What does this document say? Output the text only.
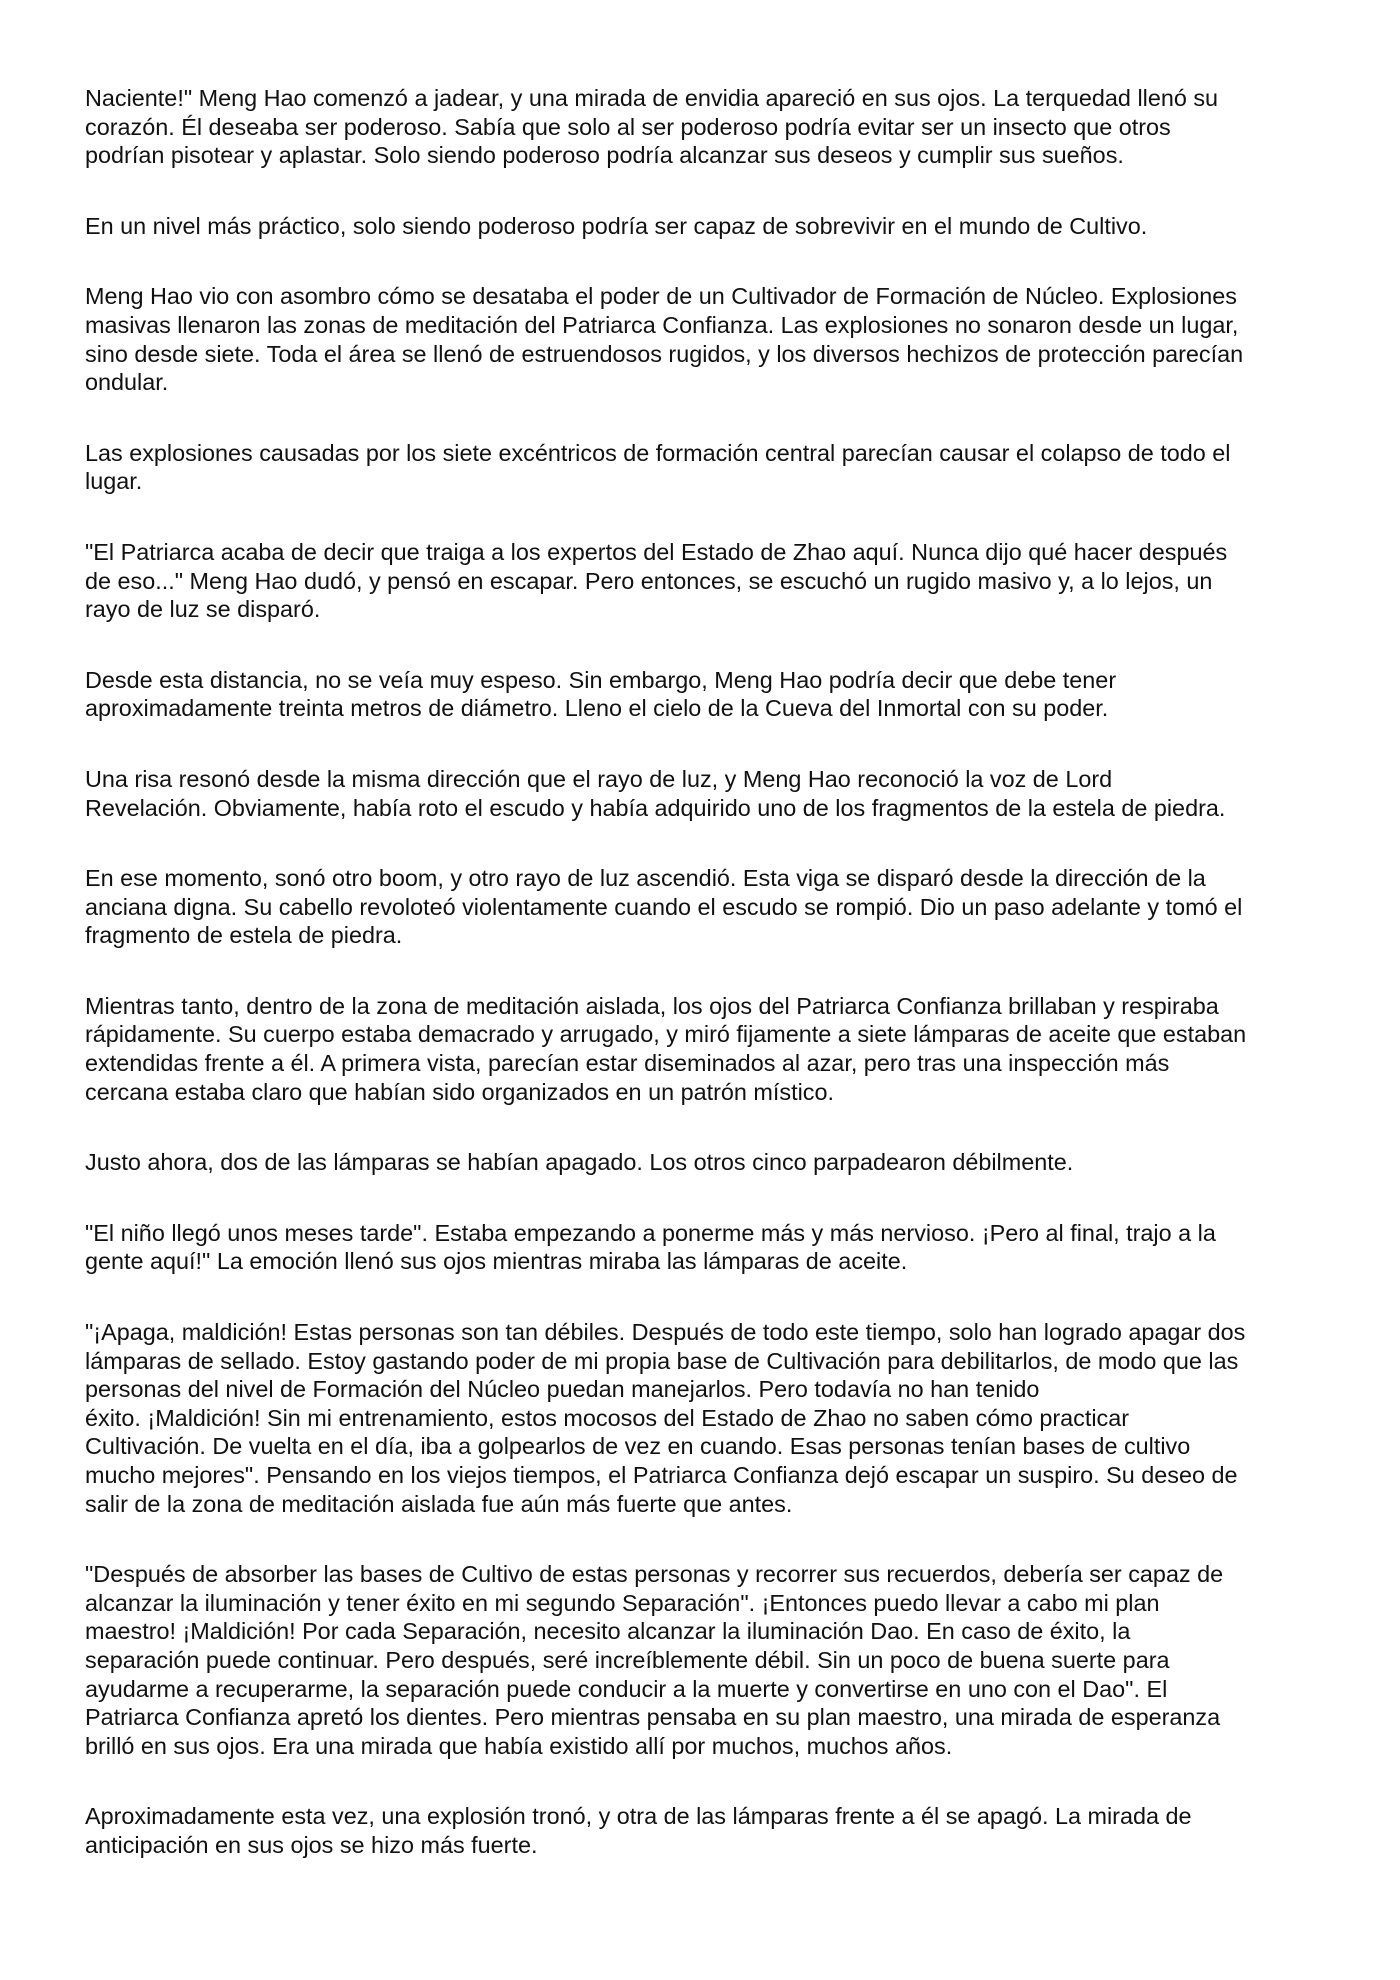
Naciente!" Meng Hao comenzó a jadear, y una mirada de envidia apareció en sus ojos. La terquedad llenó su
corazón. Él deseaba ser poderoso. Sabía que solo al ser poderoso podría evitar ser un insecto que otros
podrían pisotear y aplastar. Solo siendo poderoso podría alcanzar sus deseos y cumplir sus sueños.

En un nivel más práctico, solo siendo poderoso podría ser capaz de sobrevivir en el mundo de Cultivo.

Meng Hao vio con asombro cómo se desataba el poder de un Cultivador de Formación de Núcleo. Explosiones
masivas llenaron las zonas de meditación del Patriarca Confianza. Las explosiones no sonaron desde un lugar,
sino desde siete. Toda el área se llenó de estruendosos rugidos, y los diversos hechizos de protección parecían
ondular.

Las explosiones causadas por los siete excéntricos de formación central parecían causar el colapso de todo el
lugar.

"El Patriarca acaba de decir que traiga a los expertos del Estado de Zhao aquí. Nunca dijo qué hacer después
de eso..." Meng Hao dudó, y pensó en escapar. Pero entonces, se escuchó un rugido masivo y, a lo lejos, un
rayo de luz se disparó.

Desde esta distancia, no se veía muy espeso. Sin embargo, Meng Hao podría decir que debe tener
aproximadamente treinta metros de diámetro. Lleno el cielo de la Cueva del Inmortal con su poder.

Una risa resonó desde la misma dirección que el rayo de luz, y Meng Hao reconoció la voz de Lord
Revelación. Obviamente, había roto el escudo y había adquirido uno de los fragmentos de la estela de piedra.

En ese momento, sonó otro boom, y otro rayo de luz ascendió. Esta viga se disparó desde la dirección de la
anciana digna. Su cabello revoloteó violentamente cuando el escudo se rompió. Dio un paso adelante y tomó el
fragmento de estela de piedra.

Mientras tanto, dentro de la zona de meditación aislada, los ojos del Patriarca Confianza brillaban y respiraba
rápidamente. Su cuerpo estaba demacrado y arrugado, y miró fijamente a siete lámparas de aceite que estaban
extendidas frente a él. A primera vista, parecían estar diseminados al azar, pero tras una inspección más
cercana estaba claro que habían sido organizados en un patrón místico.

Justo ahora, dos de las lámparas se habían apagado. Los otros cinco parpadearon débilmente.

"El niño llegó unos meses tarde". Estaba empezando a ponerme más y más nervioso. ¡Pero al final, trajo a la
gente aquí!" La emoción llenó sus ojos mientras miraba las lámparas de aceite.

"¡Apaga, maldición! Estas personas son tan débiles. Después de todo este tiempo, solo han logrado apagar dos
lámparas de sellado. Estoy gastando poder de mi propia base de Cultivación para debilitarlos, de modo que las
personas del nivel de Formación del Núcleo puedan manejarlos. Pero todavía no han tenido
éxito. ¡Maldición! Sin mi entrenamiento, estos mocosos del Estado de Zhao no saben cómo practicar
Cultivación. De vuelta en el día, iba a golpearlos de vez en cuando. Esas personas tenían bases de cultivo
mucho mejores". Pensando en los viejos tiempos, el Patriarca Confianza dejó escapar un suspiro. Su deseo de
salir de la zona de meditación aislada fue aún más fuerte que antes.

"Después de absorber las bases de Cultivo de estas personas y recorrer sus recuerdos, debería ser capaz de
alcanzar la iluminación y tener éxito en mi segundo Separación". ¡Entonces puedo llevar a cabo mi plan
maestro! ¡Maldición! Por cada Separación, necesito alcanzar la iluminación Dao. En caso de éxito, la
separación puede continuar. Pero después, seré increíblemente débil. Sin un poco de buena suerte para
ayudarme a recuperarme, la separación puede conducir a la muerte y convertirse en uno con el Dao". El
Patriarca Confianza apretó los dientes. Pero mientras pensaba en su plan maestro, una mirada de esperanza
brilló en sus ojos. Era una mirada que había existido allí por muchos, muchos años.

Aproximadamente esta vez, una explosión tronó, y otra de las lámparas frente a él se apagó. La mirada de
anticipación en sus ojos se hizo más fuerte.
